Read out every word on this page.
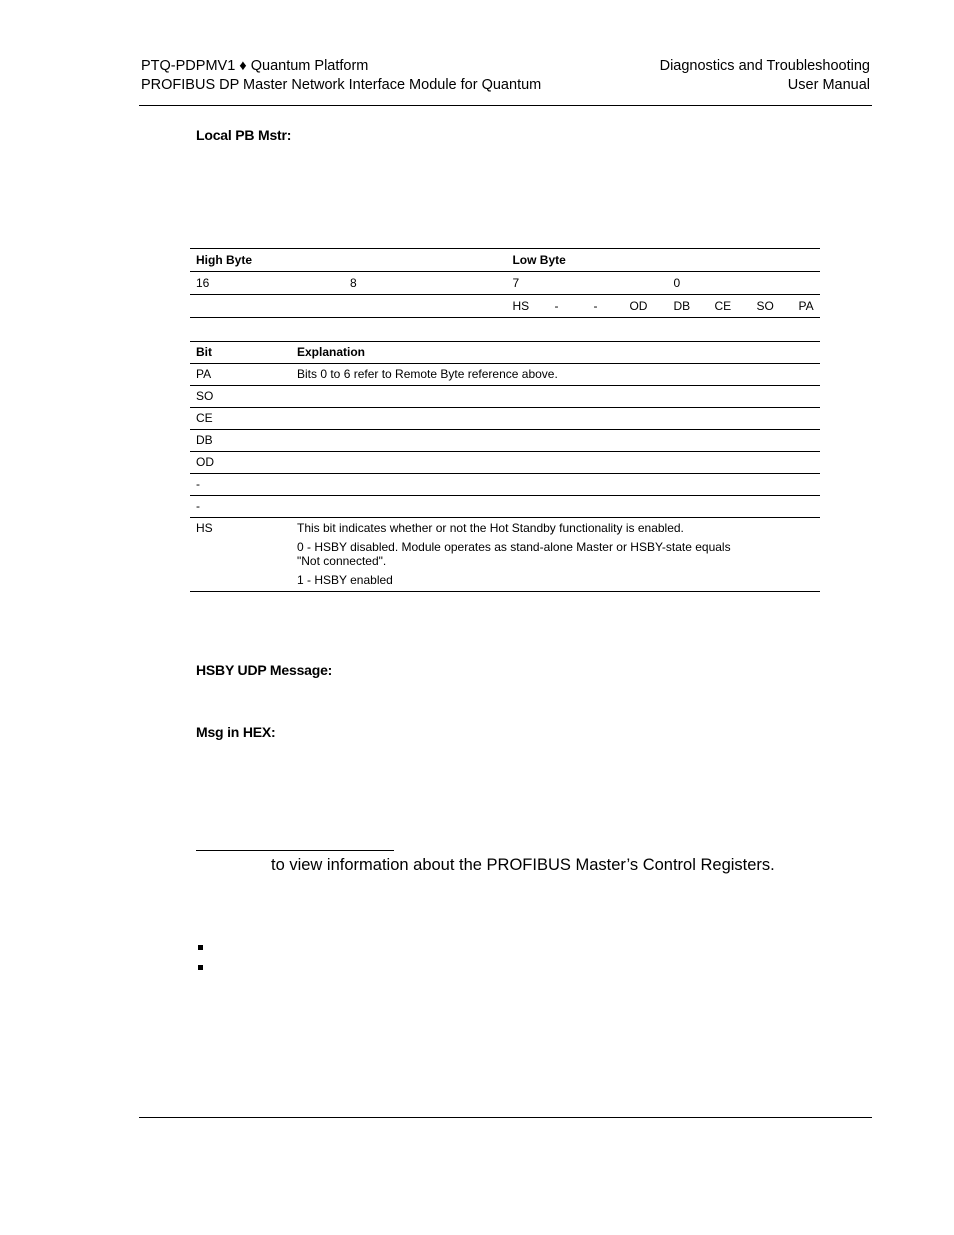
PTQ-PDPMV1 ♦ Quantum Platform
PROFIBUS DP Master Network Interface Module for Quantum
Diagnostics and Troubleshooting
User Manual
Local PB Mstr:
High Byte		Low Byte							
16	8	7				0			
		HS	-	-	OD	DB	CE	SO	PA
Bit	Explanation
PA	Bits 0 to 6 refer to Remote Byte reference above.
SO	
CE	
DB	
OD	
-	
-	
HS	This bit indicates whether or not the Hot Standby functionality is enabled.

0 - HSBY disabled. Module operates as stand-alone Master or HSBY-state equals "Not connected".

1 - HSBY enabled

HSBY UDP Message:
Msg in HEX:
to view information about the PROFIBUS Master’s Control Registers.
